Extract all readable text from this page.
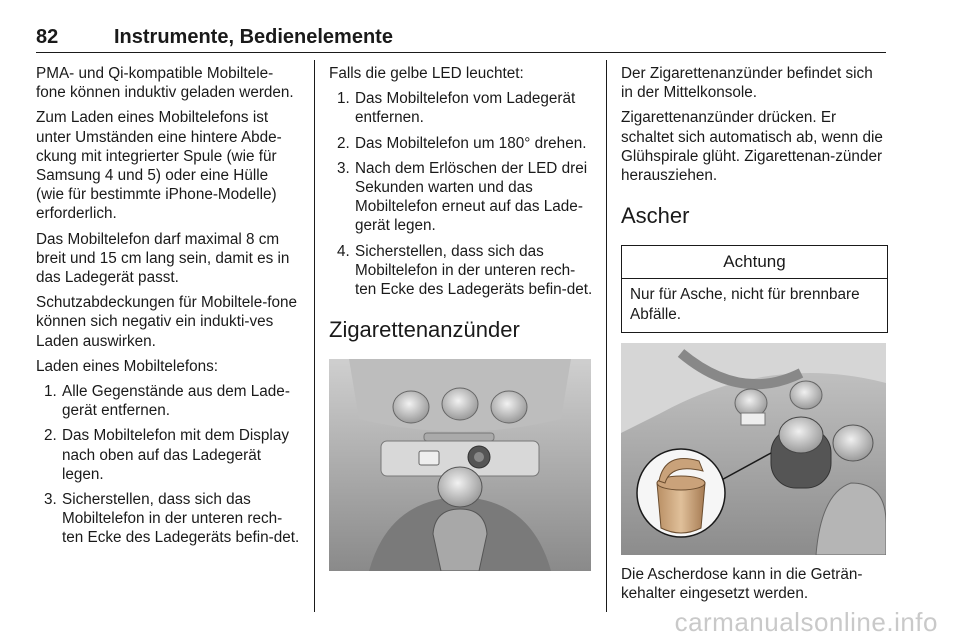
82	Instrumente, Bedienelemente

PMA- und Qi-kompatible Mobiltele-fone können induktiv geladen werden.

Zum Laden eines Mobiltelefons ist unter Umständen eine hintere Abde-ckung mit integrierter Spule (wie für Samsung 4 und 5) oder eine Hülle (wie für bestimmte iPhone-Modelle) erforderlich.

Das Mobiltelefon darf maximal 8 cm breit und 15 cm lang sein, damit es in das Ladegerät passt.

Schutzabdeckungen für Mobiltele-fone können sich negativ ein indukti-ves Laden auswirken.

Laden eines Mobiltelefons:

1. Alle Gegenstände aus dem Lade-gerät entfernen.
2. Das Mobiltelefon mit dem Display nach oben auf das Ladegerät legen.
3. Sicherstellen, dass sich das Mobiltelefon in der unteren rech-ten Ecke des Ladegeräts befin-det.

Falls die gelbe LED leuchtet:

1. Das Mobiltelefon vom Ladegerät entfernen.
2. Das Mobiltelefon um 180° drehen.
3. Nach dem Erlöschen der LED drei Sekunden warten und das Mobiltelefon erneut auf das Lade-gerät legen.
4. Sicherstellen, dass sich das Mobiltelefon in der unteren rech-ten Ecke des Ladegeräts befin-det.
Zigarettenanzünder

Der Zigarettenanzünder befindet sich in der Mittelkonsole.

Zigarettenanzünder drücken. Er schaltet sich automatisch ab, wenn die Glühspirale glüht. Zigarettenan-zünder herausziehen.

Ascher
Achtung
Nur für Asche, nicht für brennbare Abfälle.

Die Ascherdose kann in die Geträn-kehalter eingesetzt werden.

carmanualsonline.info
